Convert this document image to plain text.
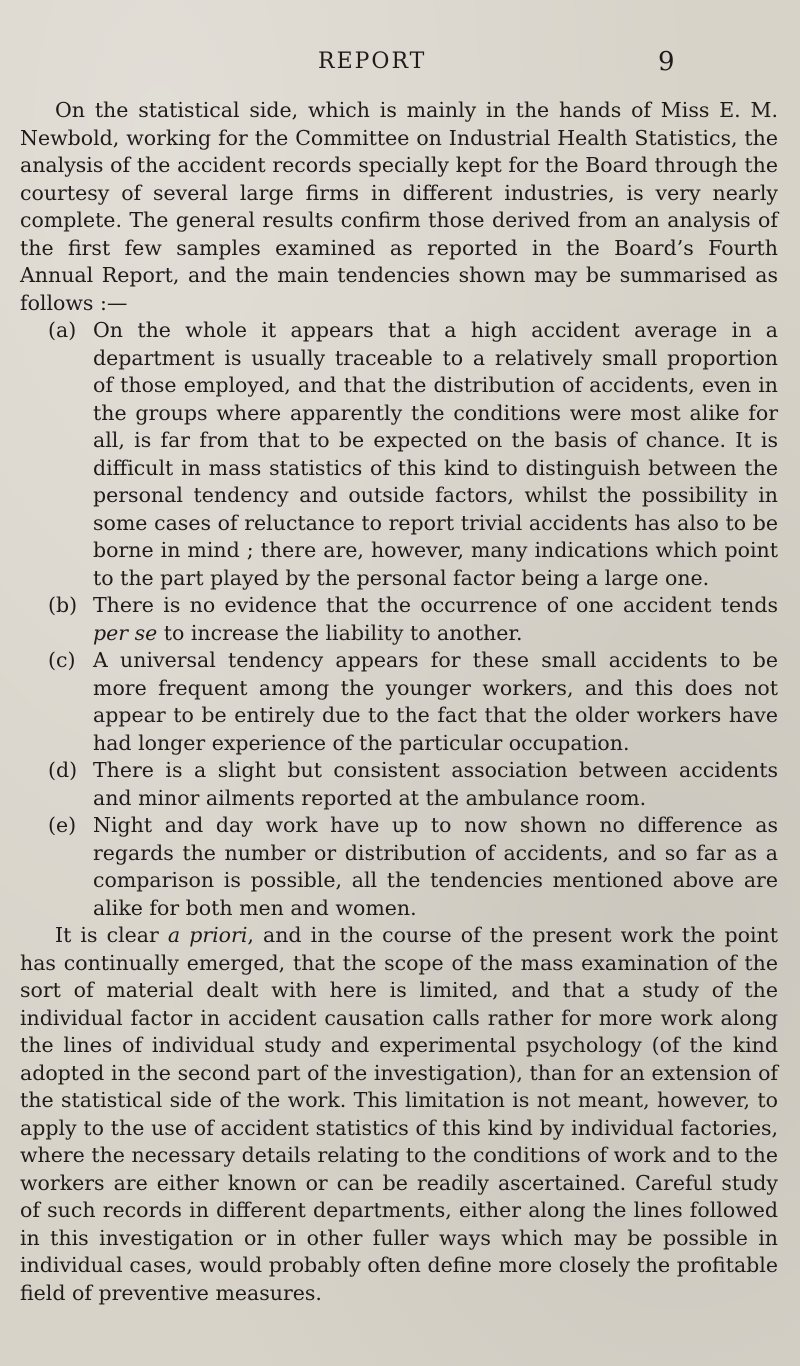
REPORT	9

On the statistical side, which is mainly in the hands of Miss E. M. Newbold, working for the Committee on Industrial Health Statistics, the analysis of the accident records specially kept for the Board through the courtesy of several large firms in different industries, is very nearly complete. The general results confirm those derived from an analysis of the first few samples examined as reported in the Board’s Fourth Annual Report, and the main tendencies shown may be summarised as follows :—

(a) On the whole it appears that a high accident average in a department is usually traceable to a relatively small proportion of those employed, and that the distribution of accidents, even in the groups where apparently the conditions were most alike for all, is far from that to be expected on the basis of chance. It is difficult in mass statistics of this kind to distinguish between the personal tendency and outside factors, whilst the possibility in some cases of reluctance to report trivial accidents has also to be borne in mind ; there are, however, many indications which point to the part played by the personal factor being a large one.
(b) There is no evidence that the occurrence of one accident tends per se to increase the liability to another.
(c) A universal tendency appears for these small accidents to be more frequent among the younger workers, and this does not appear to be entirely due to the fact that the older workers have had longer experience of the particular occupation.
(d) There is a slight but consistent association between accidents and minor ailments reported at the ambulance room.
(e) Night and day work have up to now shown no difference as regards the number or distribution of accidents, and so far as a comparison is possible, all the tendencies mentioned above are alike for both men and women.

It is clear a priori, and in the course of the present work the point has continually emerged, that the scope of the mass examination of the sort of material dealt with here is limited, and that a study of the individual factor in accident causation calls rather for more work along the lines of individual study and experimental psychology (of the kind adopted in the second part of the investigation), than for an extension of the statistical side of the work. This limitation is not meant, however, to apply to the use of accident statistics of this kind by individual factories, where the necessary details relating to the conditions of work and to the workers are either known or can be readily ascertained. Careful study of such records in different departments, either along the lines followed in this investigation or in other fuller ways which may be possible in individual cases, would probably often define more closely the profitable field of preventive measures.
